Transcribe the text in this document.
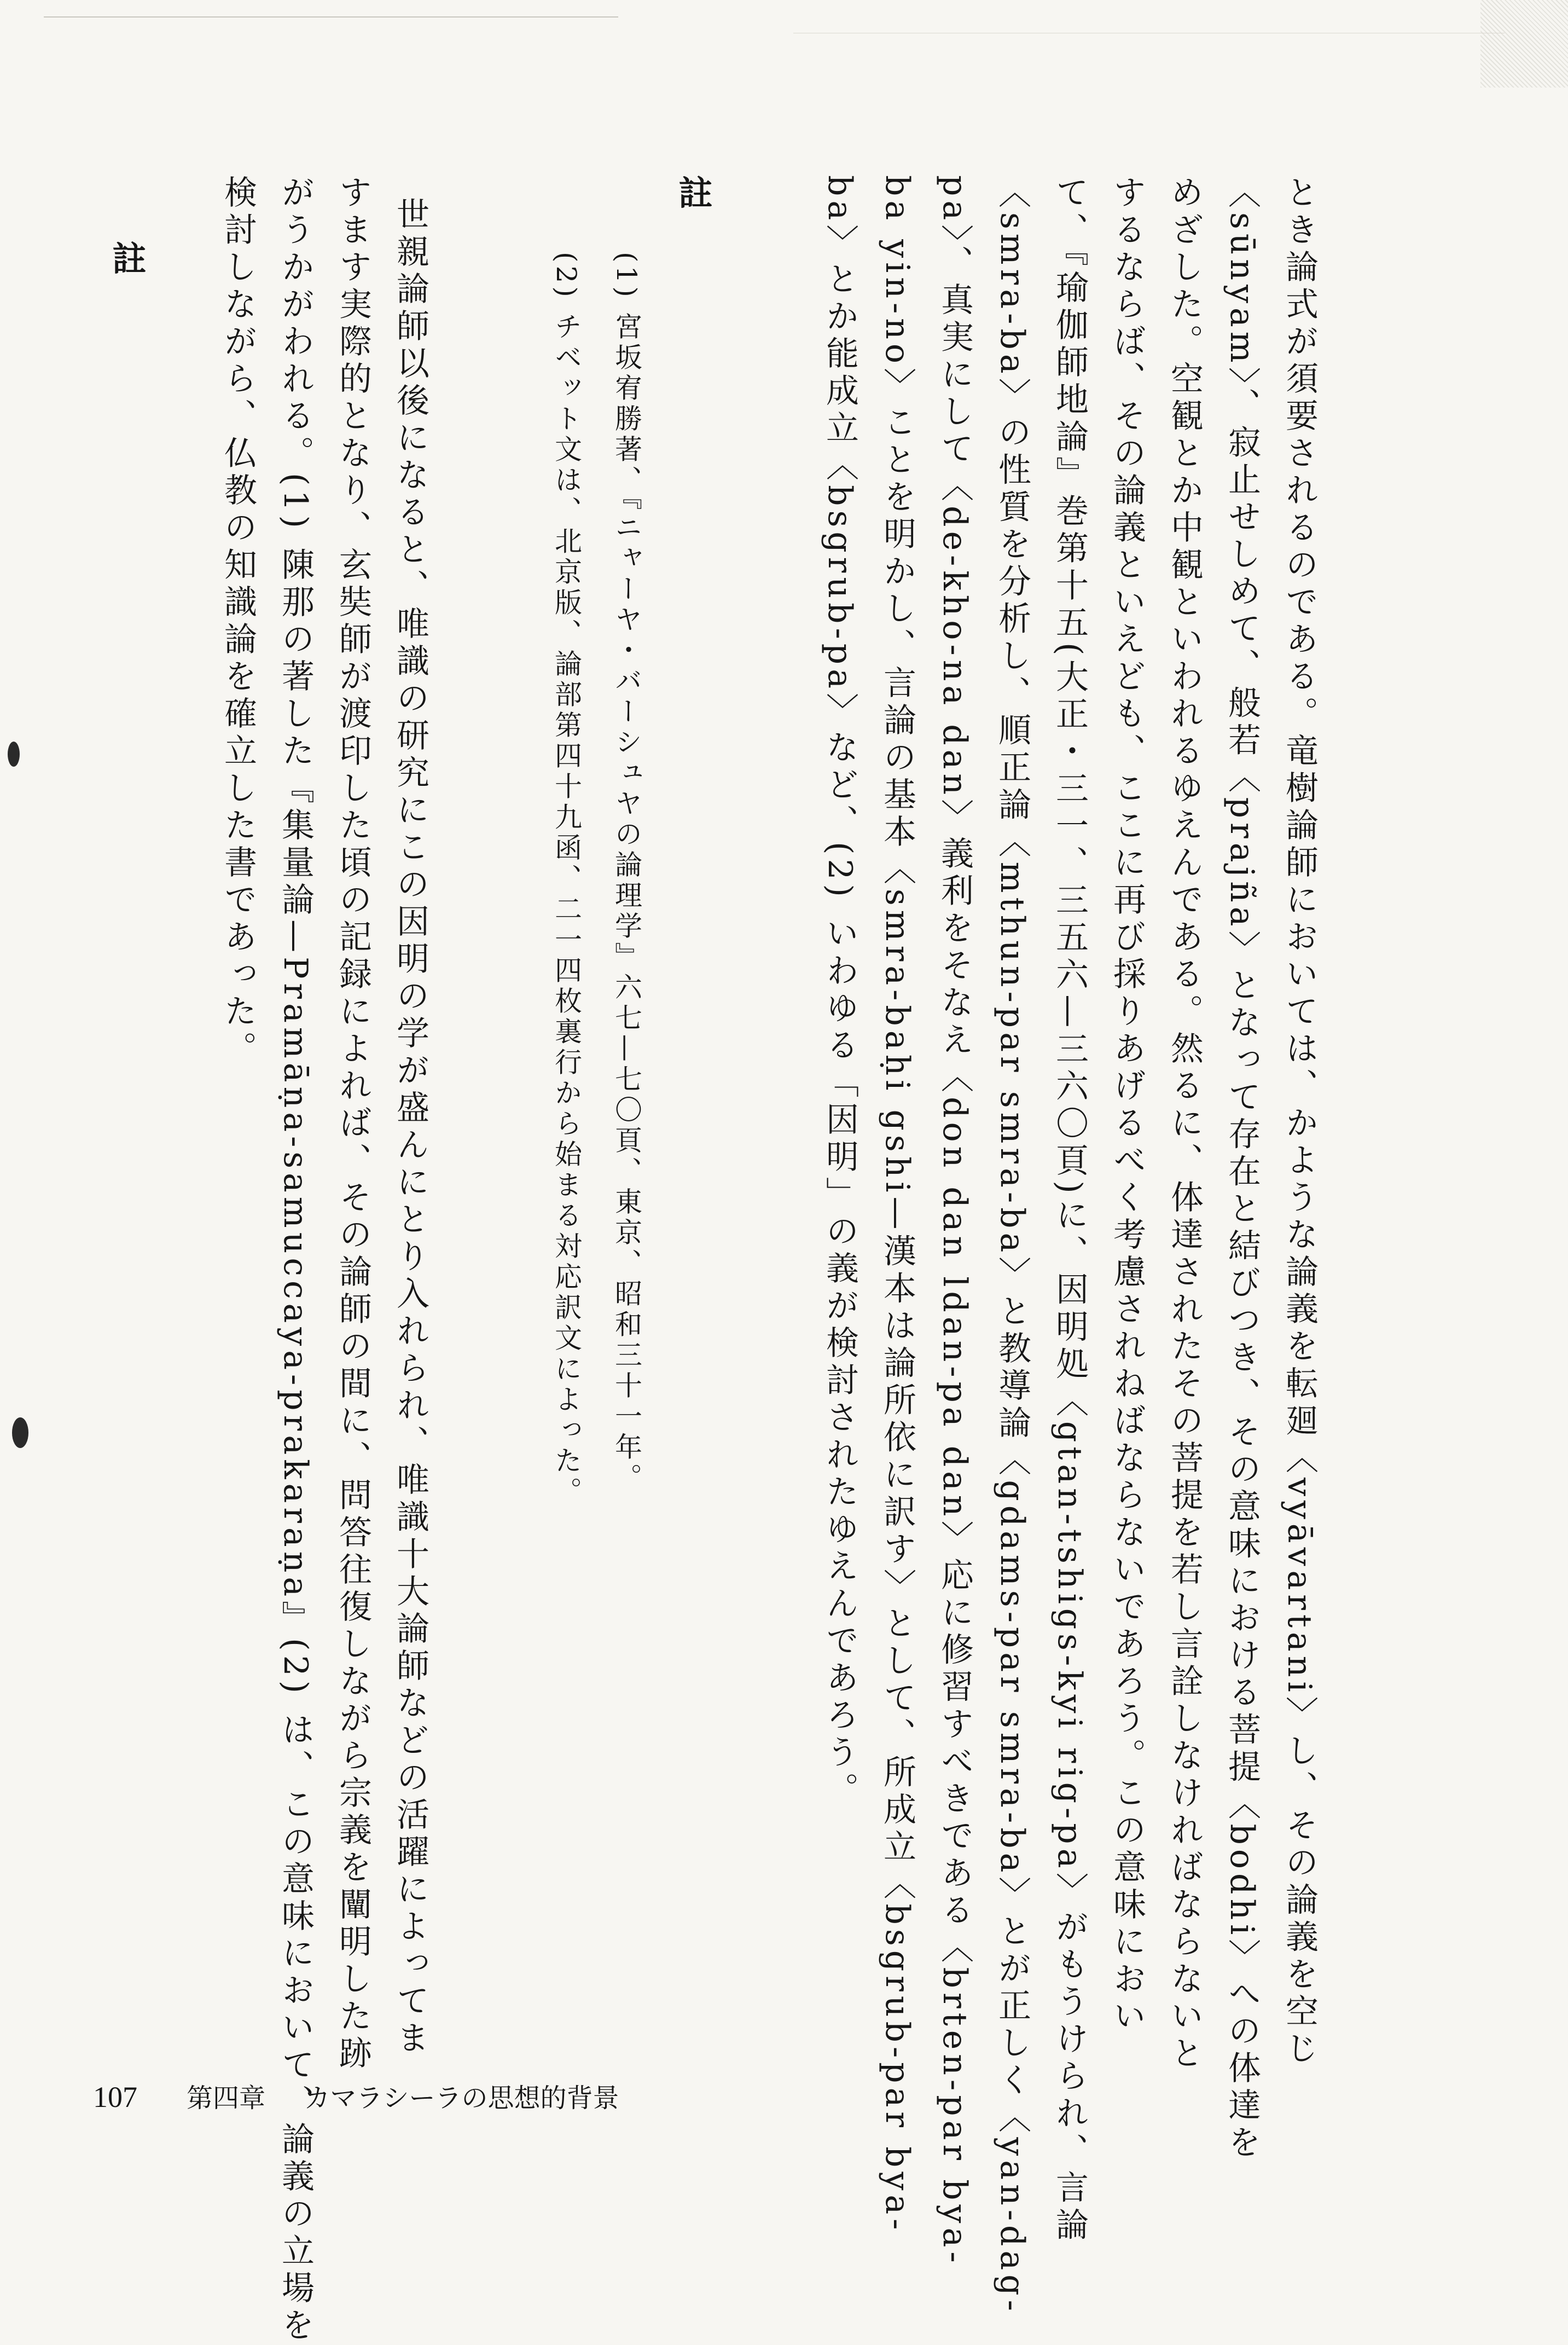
とき論式が須要されるのである。竜樹論師においては、かような論義を転廻〈vyāvartani〉し、その論義を空じ
〈sūnyam〉、寂止せしめて、般若〈prajña〉となって存在と結びつき、その意味における菩提〈bodhi〉への体達を
めざした。空観とか中観といわれるゆえんである。然るに、体達されたその菩提を若し言詮しなければならないと
するならば、その論義といえども、ここに再び採りあげるべく考慮されねばならないであろう。この意味におい
て、『瑜伽師地論』巻第十五(大正・三一、三五六—三六〇頁)に、因明処〈gtan-tshigs-kyi rig-pa〉がもうけられ、言論
〈smra-ba〉の性質を分析し、順正論〈mthun-par smra-ba〉と教導論〈gdams-par smra-ba〉とが正しく〈yan-dag-
pa〉、真実にして〈de-kho-na dan〉義利をそなえ〈don dan ldan-pa dan〉応に修習すべきである〈brten-par bya-
ba yin-no〉ことを明かし、言論の基本〈smra-baḥi gshi—漢本は論所依に訳す〉として、所成立〈bsgrub-par bya-
ba〉とか能成立〈bsgrub-pa〉など、(2) いわゆる「因明」の義が検討されたゆえんであろう。
註
(1) 宮坂宥勝著、『ニャーヤ・バーシュヤの論理学』六七—七〇頁、東京、昭和三十一年。
(2) チベット文は、北京版、論部第四十九函、二一四枚裏行から始まる対応訳文によった。
世親論師以後になると、唯識の研究にこの因明の学が盛んにとり入れられ、唯識十大論師などの活躍によってま
すます実際的となり、玄奘師が渡印した頃の記録によれば、その論師の間に、問答往復しながら宗義を闡明した跡
がうかがわれる。(1) 陳那の著した『集量論—Pramāṇa-samuccaya-prakaraṇa』(2) は、この意味において、論義の立場を
検討しながら、仏教の知識論を確立した書であった。
註
107 第四章 カマラシーラの思想的背景
